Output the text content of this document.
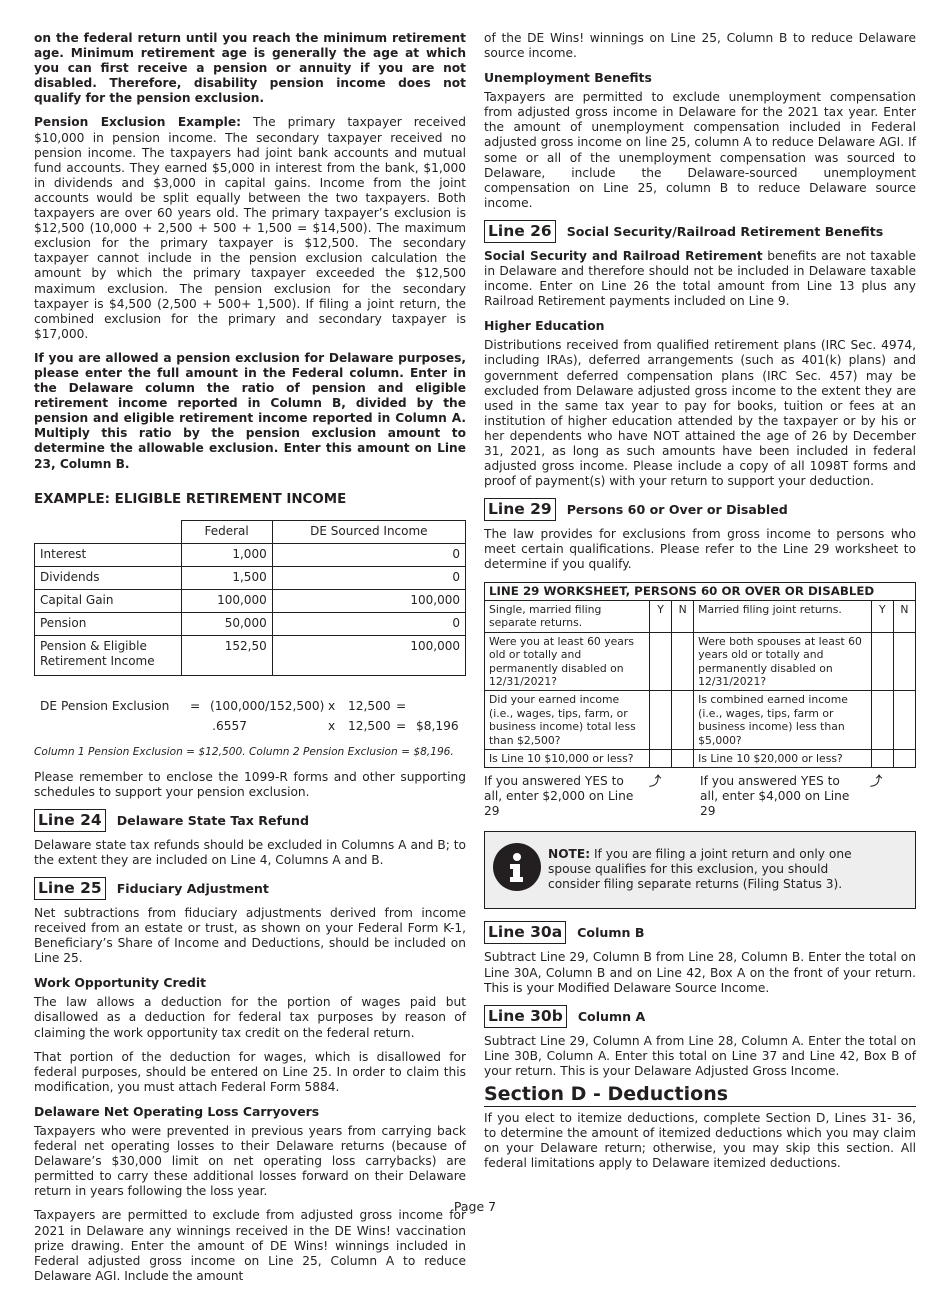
on the federal return until you reach the minimum retirement age. Minimum retirement age is generally the age at which you can first receive a pension or annuity if you are not disabled. Therefore, disability pension income does not qualify for the pension exclusion.

Pension Exclusion Example: The primary taxpayer received $10,000 in pension income. The secondary taxpayer received no pension income. The taxpayers had joint bank accounts and mutual fund accounts. They earned $5,000 in interest from the bank, $1,000 in dividends and $3,000 in capital gains. Income from the joint accounts would be split equally between the two taxpayers. Both taxpayers are over 60 years old. The primary taxpayer’s exclusion is $12,500 (10,000 + 2,500 + 500 + 1,500 = $14,500). The maximum exclusion for the primary taxpayer is $12,500. The secondary taxpayer cannot include in the pension exclusion calculation the amount by which the primary taxpayer exceeded the $12,500 maximum exclusion. The pension exclusion for the secondary taxpayer is $4,500 (2,500 + 500+ 1,500). If filing a joint return, the combined exclusion for the primary and secondary taxpayer is $17,000.

If you are allowed a pension exclusion for Delaware purposes, please enter the full amount in the Federal column. Enter in the Delaware column the ratio of pension and eligible retirement income reported in Column B, divided by the pension and eligible retirement income reported in Column A. Multiply this ratio by the pension exclusion amount to determine the allowable exclusion. Enter this amount on Line 23, Column B.

EXAMPLE: ELIGIBLE RETIREMENT INCOME
	Federal	DE Sourced Income
Interest	1,000	0
Dividends	1,500	0
Capital Gain	100,000	100,000
Pension	50,000	0
Pension & Eligible Retirement Income	152,50	100,000
DE Pension Exclusion	= (100,000/152,500) x	12,500 =
.6557	x	12,500 = $8,196
Column 1 Pension Exclusion = $12,500. Column 2 Pension Exclusion = $8,196.

Please remember to enclose the 1099-R forms and other supporting schedules to support your pension exclusion.

Line 24	Delaware State Tax Refund

Delaware state tax refunds should be excluded in Columns A and B; to the extent they are included on Line 4, Columns A and B.

Line 25	Fiduciary Adjustment

Net subtractions from fiduciary adjustments derived from income received from an estate or trust, as shown on your Federal Form K-1, Beneficiary’s Share of Income and Deductions, should be included on Line 25.

Work Opportunity Credit

The law allows a deduction for the portion of wages paid but disallowed as a deduction for federal tax purposes by reason of claiming the work opportunity tax credit on the federal return.

That portion of the deduction for wages, which is disallowed for federal purposes, should be entered on Line 25. In order to claim this modification, you must attach Federal Form 5884.

Delaware Net Operating Loss Carryovers

Taxpayers who were prevented in previous years from carrying back federal net operating losses to their Delaware returns (because of Delaware’s $30,000 limit on net operating loss carrybacks) are permitted to carry these additional losses forward on their Delaware return in years following the loss year.

Taxpayers are permitted to exclude from adjusted gross income for 2021 in Delaware any winnings received in the DE Wins! vaccination prize drawing. Enter the amount of DE Wins! winnings included in Federal adjusted gross income on Line 25, Column A to reduce Delaware AGI. Include the amount

of the DE Wins! winnings on Line 25, Column B to reduce Delaware source income.

Unemployment Benefits

Taxpayers are permitted to exclude unemployment compensation from adjusted gross income in Delaware for the 2021 tax year. Enter the amount of unemployment compensation included in Federal adjusted gross income on line 25, column A to reduce Delaware AGI. If some or all of the unemployment compensation was sourced to Delaware, include the Delaware-sourced unemployment compensation on Line 25, column B to reduce Delaware source income.

Line 26	Social Security/Railroad Retirement Benefits

Social Security and Railroad Retirement benefits are not taxable in Delaware and therefore should not be included in Delaware taxable income. Enter on Line 26 the total amount from Line 13 plus any Railroad Retirement payments included on Line 9.

Higher Education

Distributions received from qualified retirement plans (IRC Sec. 4974, including IRAs), deferred arrangements (such as 401(k) plans) and government deferred compensation plans (IRC Sec. 457) may be excluded from Delaware adjusted gross income to the extent they are used in the same tax year to pay for books, tuition or fees at an institution of higher education attended by the taxpayer or by his or her dependents who have NOT attained the age of 26 by December 31, 2021, as long as such amounts have been included in federal adjusted gross income. Please include a copy of all 1098T forms and proof of payment(s) with your return to support your deduction.

Line 29	Persons 60 or Over or Disabled

The law provides for exclusions from gross income to persons who meet certain qualifications. Please refer to the Line 29 worksheet to determine if you qualify.

LINE 29 WORKSHEET, PERSONS 60 OR OVER OR DISABLED					
Single, married filing separate returns.	Y	N	Married filing joint returns.	Y	N
Were you at least 60 years old or totally and permanently disabled on 12/31/2021?			Were both spouses at least 60 years old or totally and permanently disabled on 12/31/2021?		
Did your earned income (i.e., wages, tips, farm, or business income) total less than $2,500?			Is combined earned income (i.e., wages, tips, farm or business income) less than $5,000?		
Is Line 10 $10,000 or less?			Is Line 10 $20,000 or less?		
If you answered YES to all, enter $2,000 on Line 29
⤴	If you answered YES to all, enter $4,000 on Line 29
⤴
NOTE: If you are filing a joint return and only one spouse qualifies for this exclusion, you should consider filing separate returns (Filing Status 3).
Line 30a	Column B

Subtract Line 29, Column B from Line 28, Column B. Enter the total on Line 30A, Column B and on Line 42, Box A on the front of your return. This is your Modified Delaware Source Income.

Line 30b	Column A

Subtract Line 29, Column A from Line 28, Column A. Enter the total on Line 30B, Column A. Enter this total on Line 37 and Line 42, Box B of your return. This is your Delaware Adjusted Gross Income.

Section D - Deductions

If you elect to itemize deductions, complete Section D, Lines 31- 36, to determine the amount of itemized deductions which you may claim on your Delaware return; otherwise, you may skip this section. All federal limitations apply to Delaware itemized deductions.

Page 7
